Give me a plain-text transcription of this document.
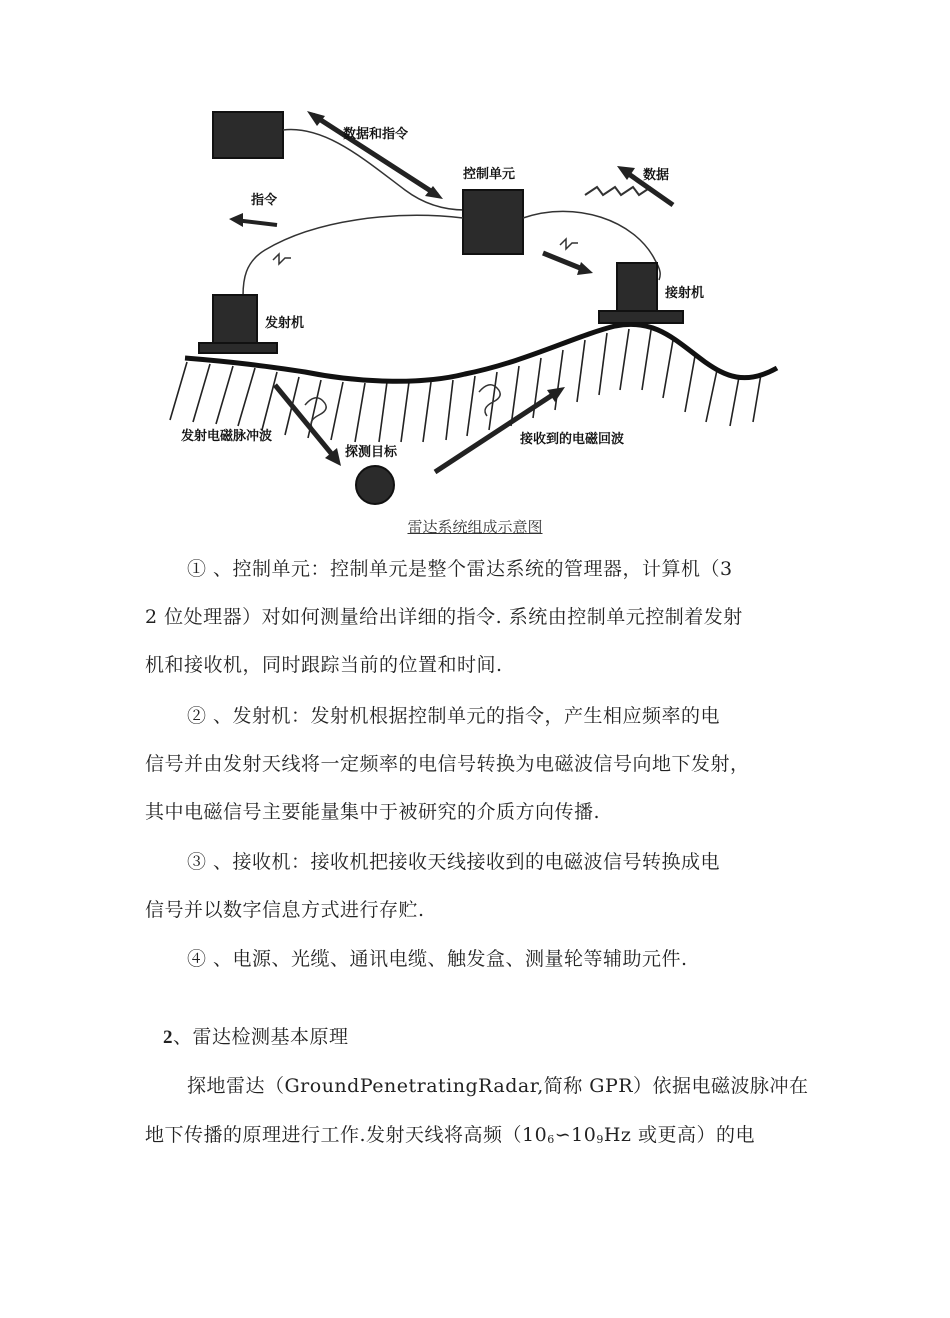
数据和指令
控制单元	数据
指令
发射机
接射机
发射电磁脉冲波
探测目标
接收到的电磁回波
雷达系统组成示意图
① 、控制单元：控制单元是整个雷达系统的管理器，计算机（3
2 位处理器）对如何测量给出详细的指令. 系统由控制单元控制着发射
机和接收机，同时跟踪当前的位置和时间.
② 、发射机：发射机根据控制单元的指令，产生相应频率的电
信号并由发射天线将一定频率的电信号转换为电磁波信号向地下发射，
其中电磁信号主要能量集中于被研究的介质方向传播.
③ 、接收机：接收机把接收天线接收到的电磁波信号转换成电
信号并以数字信息方式进行存贮.
④ 、电源、光缆、通讯电缆、触发盒、测量轮等辅助元件.
2、雷达检测基本原理
探地雷达（GroundPenetratingRadar,简称 GPR）依据电磁波脉冲在
地下传播的原理进行工作.发射天线将高频（$10_6∽10_9Hz$ 或更高）的电
